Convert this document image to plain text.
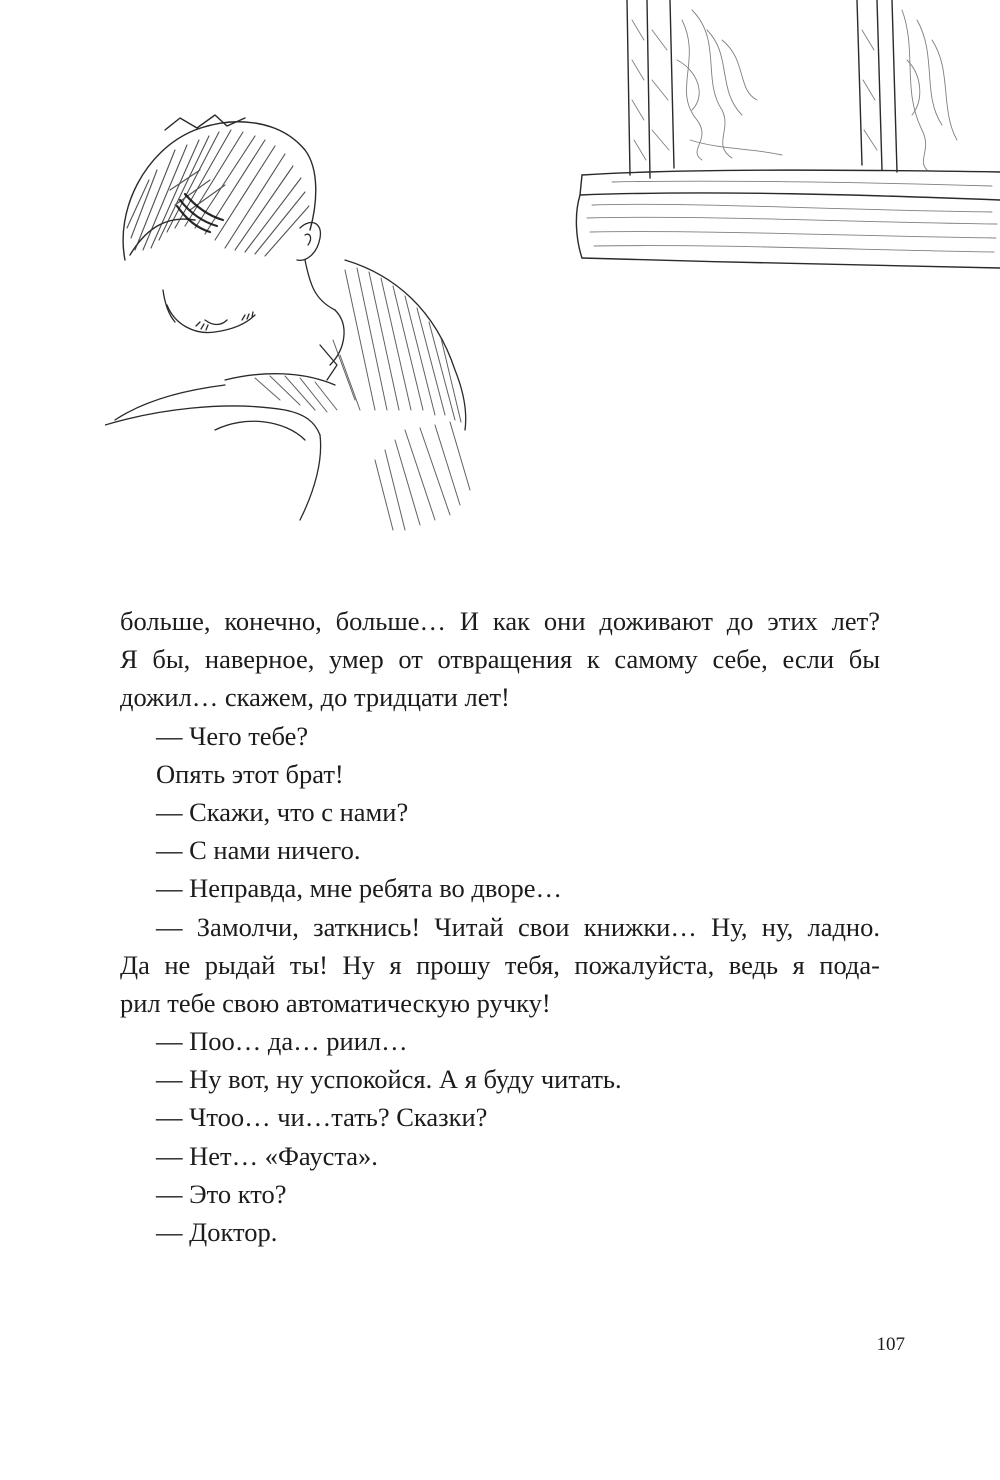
больше, конечно, больше… И как они доживают до этих лет?
Я бы, наверное, умер от отвращения к самому себе, если бы
дожил… скажем, до тридцати лет!
— Чего тебе?
Опять этот брат!
— Скажи, что с нами?
— С нами ничего.
— Неправда, мне ребята во дворе…
— Замолчи, заткнись! Читай свои книжки… Ну, ну, ладно.
Да не рыдай ты! Ну я прошу тебя, пожалуйста, ведь я пода-
рил тебе свою автоматическую ручку!
— Поо… да… риил…
— Ну вот, ну успокойся. А я буду читать.
— Чтоо… чи…тать? Сказки?
— Нет… «Фауста».
— Это кто?
— Доктор.
107
